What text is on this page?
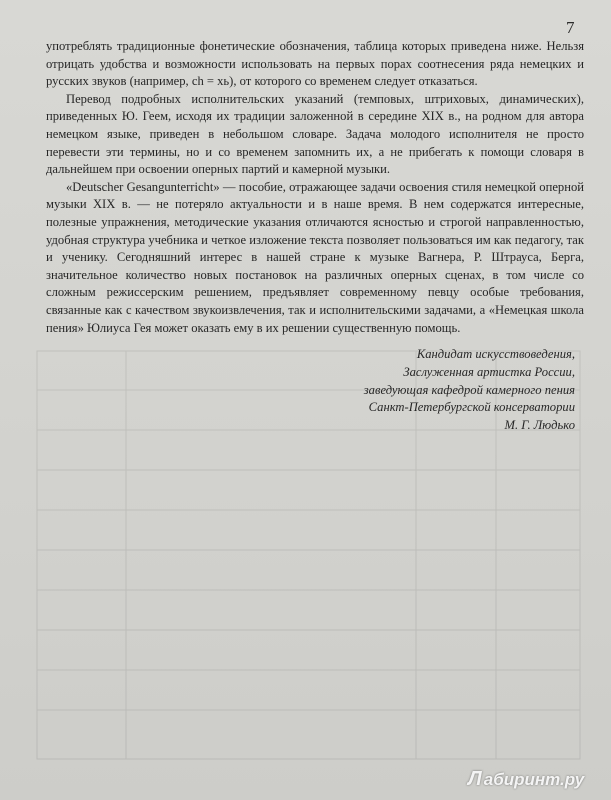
7

употреблять традиционные фонетические обозначения, таблица которых приведена ниже. Нельзя отрицать удобства и возможности использовать на первых порах соотнесения ряда немецких и русских звуков (например, ch = хь), от которого со временем следует отказаться.

Перевод подробных исполнительских указаний (темповых, штриховых, динамических), приведенных Ю. Геем, исходя их традиции заложенной в середине XIX в., на родном для автора немецком языке, приведен в небольшом словаре. Задача молодого исполнителя не просто перевести эти термины, но и со временем запомнить их, а не прибегать к помощи словаря в дальнейшем при освоении оперных партий и камерной музыки.

«Deutscher Gesangunterricht» — пособие, отражающее задачи освоения стиля немецкой оперной музыки XIX в. — не потеряло актуальности и в наше время. В нем содержатся интересные, полезные упражнения, методические указания отличаются ясностью и строгой направленностью, удобная структура учебника и четкое изложение текста позволяет пользоваться им как педагогу, так и ученику. Сегодняшний интерес в нашей стране к музыке Вагнера, Р. Штрауса, Берга, значительное количество новых постановок на различных оперных сценах, в том числе со сложным режиссерским решением, предъявляет современному певцу особые требования, связанные как с качеством звукоизвлечения, так и исполнительскими задачами, а «Немецкая школа пения» Юлиуса Гея может оказать ему в их решении существенную помощь.

Кандидат искусствоведения,
Заслуженная артистка России,
заведующая кафедрой камерного пения
Санкт-Петербургской консерватории
М. Г. Людько
Л абиринт.ру
